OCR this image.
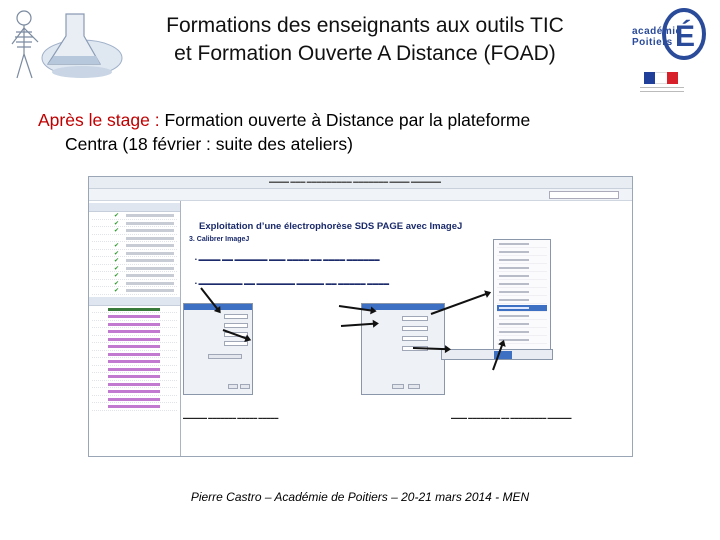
Formations des enseignants aux outils TIC
et Formation Ouverte A Distance (FOAD)
É
académie
Poitiers
Après le stage : Formation ouverte à Distance par la plateforme
Centra (18 février : suite des ateliers)
▬▬▬▬ ▬▬▬ ▬▬▬▬▬▬▬▬▬ ▬▬▬▬▬▬▬ ▬▬▬▬ ▬▬▬▬▬▬
✔
✔
✔
✔
✔
✔
✔
✔
✔
✔
Exploitation d’une électrophorèse SDS PAGE avec ImageJ
3. Calibrer ImageJ
▪ ▬▬▬▬ ▬▬ ▬▬▬▬▬▬ ▬▬▬ ▬▬▬▬ ▬▬ ▬▬▬▬ ▬▬▬▬▬▬
▪ ▬▬▬▬▬▬▬▬ ▬▬ ▬▬▬▬▬▬▬ ▬▬▬▬▬ ▬▬ ▬▬▬▬▬ ▬▬▬▬
▬▬▬▬▬▬ ▬▬▬▬▬▬▬ ▬▬▬▬▬ ▬▬▬▬▬	▬▬▬▬ ▬▬▬▬▬▬▬▬ ▬▬ ▬▬▬▬▬▬▬▬▬ ▬▬▬▬▬▬
Pierre Castro – Académie de Poitiers – 20-21 mars 2014 - MEN
